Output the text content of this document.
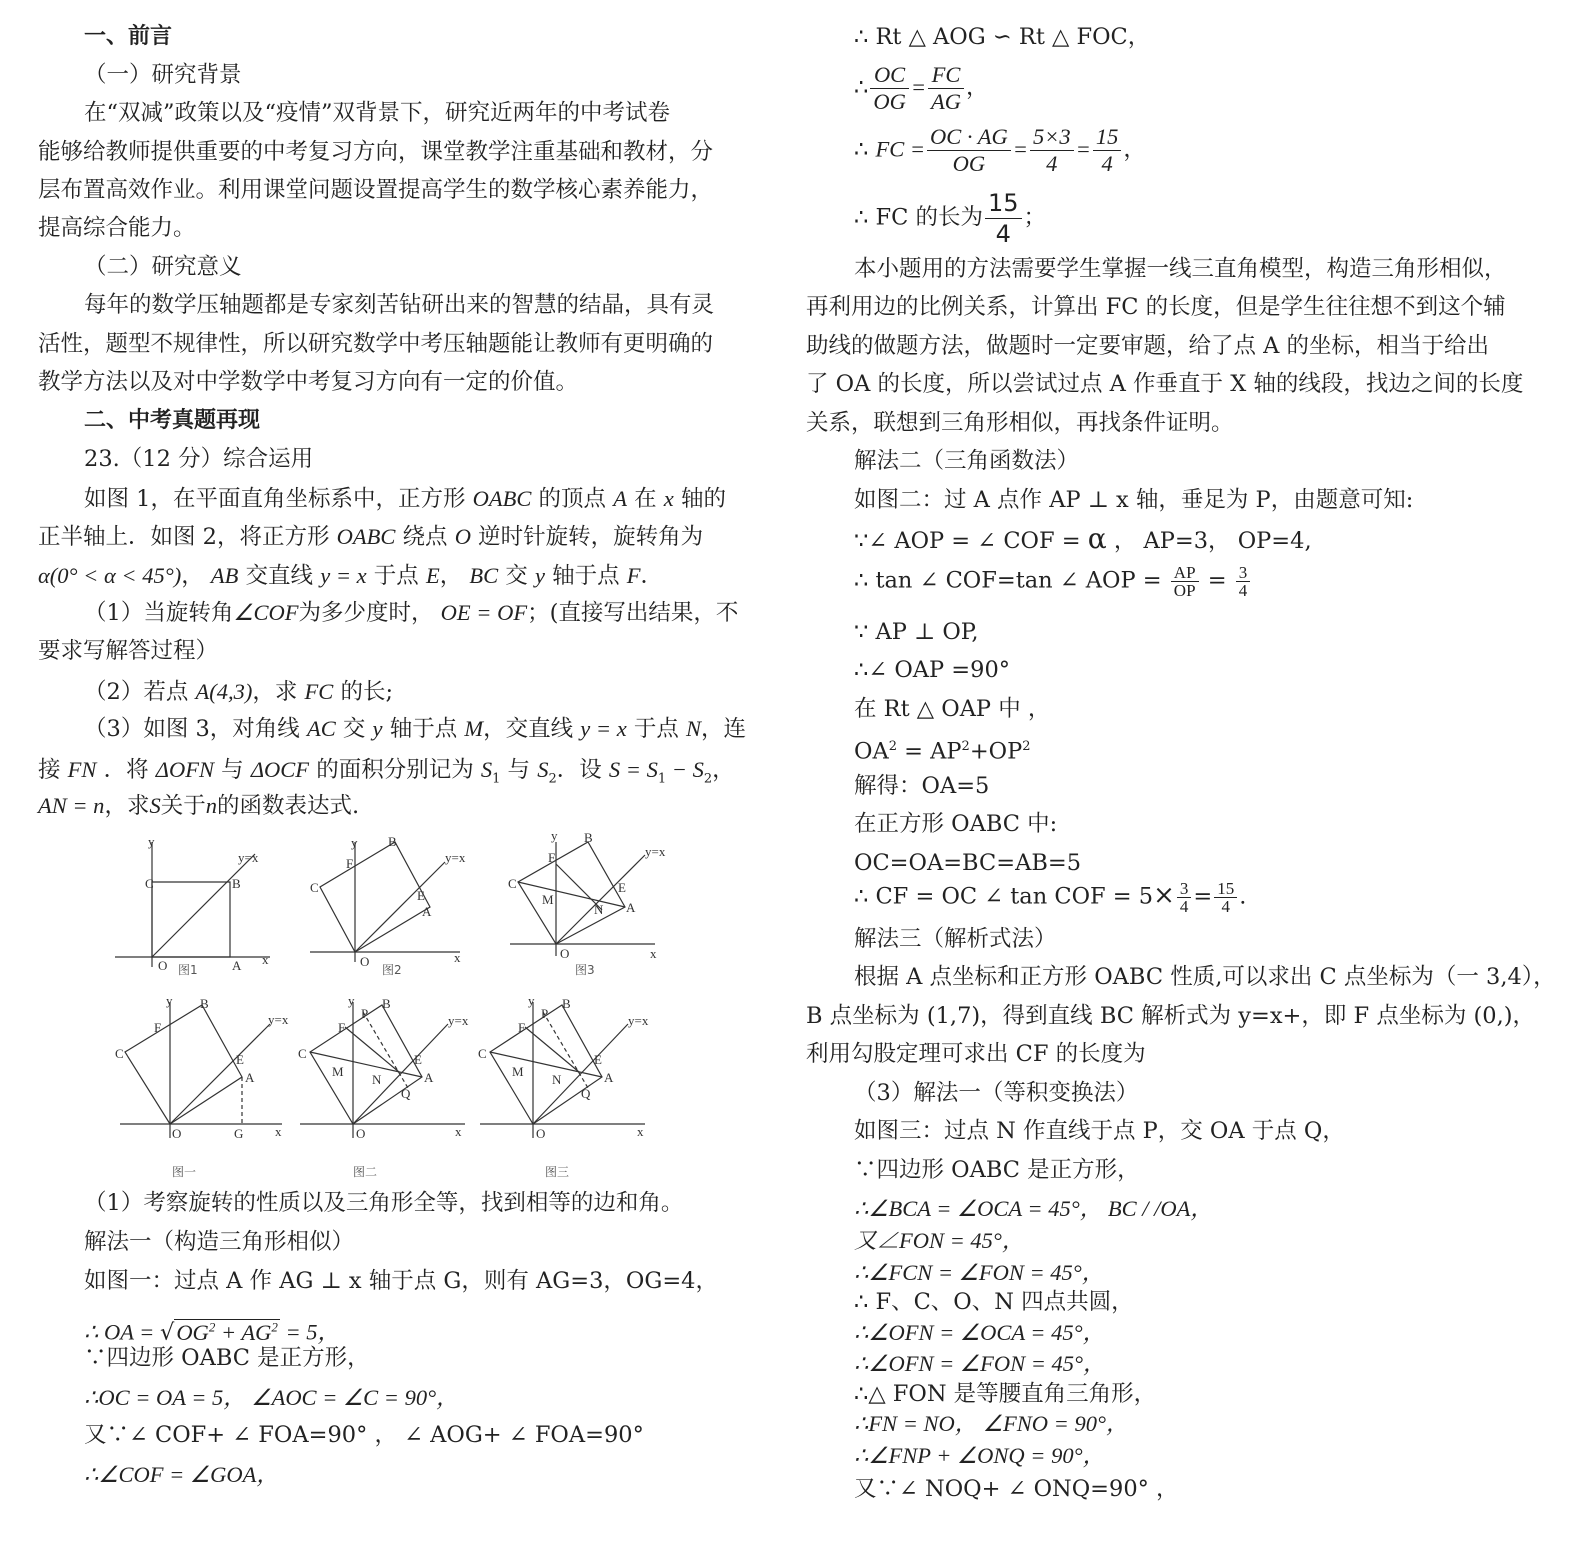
一、前言
（一）研究背景
在“双减”政策以及“疫情”双背景下，研究近两年的中考试卷
能够给教师提供重要的中考复习方向，课堂教学注重基础和教材，分
层布置高效作业。利用课堂问题设置提高学生的数学核心素养能力，
提高综合能力。
（二）研究意义
每年的数学压轴题都是专家刻苦钻研出来的智慧的结晶，具有灵
活性，题型不规律性，所以研究数学中考压轴题能让教师有更明确的
教学方法以及对中学数学中考复习方向有一定的价值。
二、中考真题再现
23.（12 分）综合运用
如图 1，在平面直角坐标系中，正方形 OABC 的顶点 A 在 x 轴的
正半轴上．如图 2，将正方形 OABC 绕点 O 逆时针旋转，旋转角为
α(0° < α < 45°)， AB 交直线 y = x 于点 E， BC 交 y 轴于点 F．
（1）当旋转角∠COF为多少度时， OE = OF；(直接写出结果，不
要求写解答过程）
（2）若点 A(4,3)，求 FC 的长;
（3）如图 3，对角线 AC 交 y 轴于点 M，交直线 y = x 于点 N，连
接 FN ．将 ΔOFN 与 ΔOCF 的面积分别记为 $S_1$ 与 $S_2$．设 $S = S_1 - S_2$，
AN = n，求S关于n的函数表达式.
（1）考察旋转的性质以及三角形全等，找到相等的边和角。
解法一（构造三角形相似）
如图一：过点 A 作 AG ⊥ x 轴于点 G，则有 AG=3，OG=4，
∴ OA = $√OG^2 + AG^2 = 5$，
∵四边形 OABC 是正方形，
∴OC = OA = 5， ∠AOC = ∠C = 90°，
又∵∠ COF+ ∠ FOA=90° ， ∠ AOG+ ∠ FOA=90°
∴∠COF = ∠GOA，
y
O	A
B
C
y=x
x
图1
y
O
A
B
C
E
F	y=x
x
图2
y
O
A
B
C	E
F
M
N
y=x
x
图3
y
O
A
B
C	E
F
G
y=x
x
图一
y
O
A
B
C	E
F
P
M
N
Q
y=x
x
图二
y
O
A
B
C	E
F
P
M
N
Q
y=x
x
图三
∴ Rt △ AOG ∽ Rt △ FOC，
∴ $\frac{OC}{OG} = \frac{FC}{AG}$ ，
∴ FC = $\frac{OC \cdot AG}{OG} = \frac{5\times 3}{4} = \frac{15}{4}$ ，
∴ FC 的长为 $\frac{15}{4}$ ；
本小题用的方法需要学生掌握一线三直角模型，构造三角形相似，
再利用边的比例关系，计算出 FC 的长度，但是学生往往想不到这个辅
助线的做题方法，做题时一定要审题，给了点 A 的坐标，相当于给出
了 OA 的长度，所以尝试过点 A 作垂直于 X 轴的线段，找边之间的长度
关系，联想到三角形相似，再找条件证明。
解法二（三角函数法）
如图二：过 A 点作 AP ⊥ x 轴，垂足为 P，由题意可知:
∵∠ AOP = ∠ COF = α ， AP=3， OP=4,
∴ tan ∠ COF=tan ∠ AOP = $\frac{AP}{OP} = \frac{3}{4}$
∵ AP ⊥ OP,
∴∠ OAP =90°
在 Rt △ OAP 中 ，
$OA^2 = AP^2+OP^2$
解得：OA=5
在正方形 OABC 中:
OC=OA=BC=AB=5
∴ CF = OC ∠ tan COF = $5\times \frac{3}{4} = \frac{15}{4}$ .
解法三（解析式法）
根据 A 点坐标和正方形 OABC 性质,可以求出 C 点坐标为（一 3,4），
B 点坐标为 (1,7)，得到直线 BC 解析式为 y=x+，即 F 点坐标为 (0,)，
利用勾股定理可求出 CF 的长度为
（3）解法一（等积变换法）
如图三：过点 N 作直线于点 P，交 OA 于点 Q，
∵四边形 OABC 是正方形，
∴∠BCA = ∠OCA = 45°， BC / /OA，
又∠FON = 45°，
∴∠FCN = ∠FON = 45°，
∴ F、C、O、N 四点共圆，
∴∠OFN = ∠OCA = 45°，
∴∠OFN = ∠FON = 45°，
∴△ FON 是等腰直角三角形，
∴FN = NO， ∠FNO = 90°，
∴∠FNP + ∠ONQ = 90°，
又∵∠ NOQ+ ∠ ONQ=90° ，
